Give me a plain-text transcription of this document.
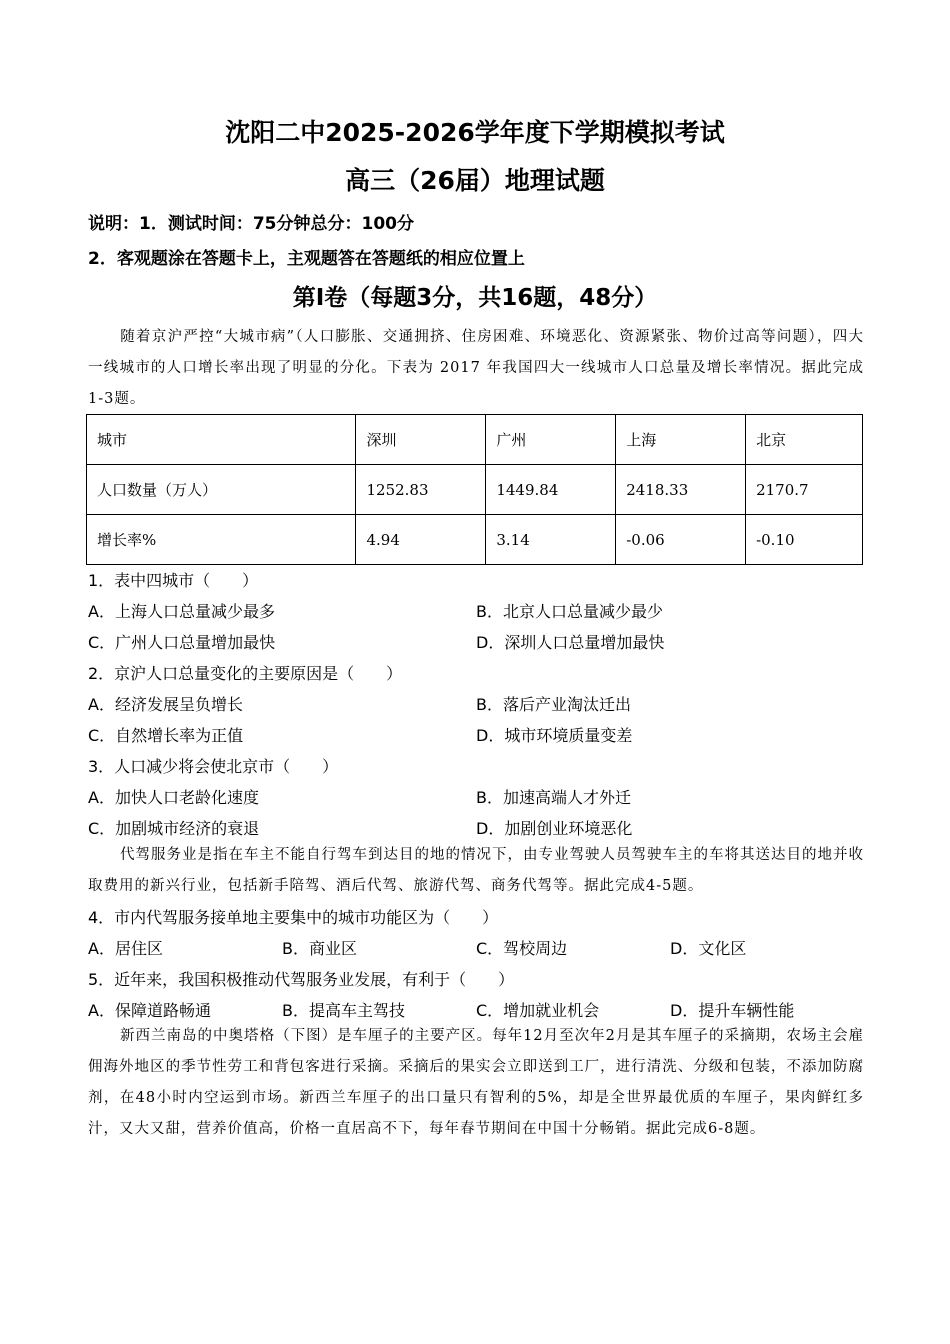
沈阳二中2025-2026学年度下学期模拟考试
高三（26届）地理试题
说明：1．测试时间：75分钟总分：100分
2．客观题涂在答题卡上，主观题答在答题纸的相应位置上
第Ⅰ卷（每题3分，共16题，48分）
随着京沪严控“大城市病”（人口膨胀、交通拥挤、住房困难、环境恶化、资源紧张、物价过高等问题），四大一线城市的人口增长率出现了明显的分化。下表为 2017 年我国四大一线城市人口总量及增长率情况。据此完成1-3题。
城市	深圳	广州	上海	北京
人口数量（万人）	1252.83	1449.84	2418.33	2170.7
增长率%	4.94	3.14	-0.06	-0.10
1．表中四城市（　　）
A．上海人口总量减少最多	B．北京人口总量减少最少
C．广州人口总量增加最快	D．深圳人口总量增加最快
2．京沪人口总量变化的主要原因是（　　）
A．经济发展呈负增长	B．落后产业淘汰迁出
C．自然增长率为正值	D．城市环境质量变差
3．人口减少将会使北京市（　　）
A．加快人口老龄化速度	B．加速高端人才外迁
C．加剧城市经济的衰退	D．加剧创业环境恶化
代驾服务业是指在车主不能自行驾车到达目的地的情况下，由专业驾驶人员驾驶车主的车将其送达目的地并收取费用的新兴行业，包括新手陪驾、酒后代驾、旅游代驾、商务代驾等。据此完成4-5题。
4．市内代驾服务接单地主要集中的城市功能区为（　　）
A．居住区	B．商业区	C．驾校周边	D．文化区
5．近年来，我国积极推动代驾服务业发展，有利于（　　）
A．保障道路畅通	B．提高车主驾技	C．增加就业机会	D．提升车辆性能
新西兰南岛的中奥塔格（下图）是车厘子的主要产区。每年12月至次年2月是其车厘子的采摘期，农场主会雇佣海外地区的季节性劳工和背包客进行采摘。采摘后的果实会立即送到工厂，进行清洗、分级和包装，不添加防腐剂，在48小时内空运到市场。新西兰车厘子的出口量只有智利的5%，却是全世界最优质的车厘子，果肉鲜红多汁，又大又甜，营养价值高，价格一直居高不下，每年春节期间在中国十分畅销。据此完成6-8题。
